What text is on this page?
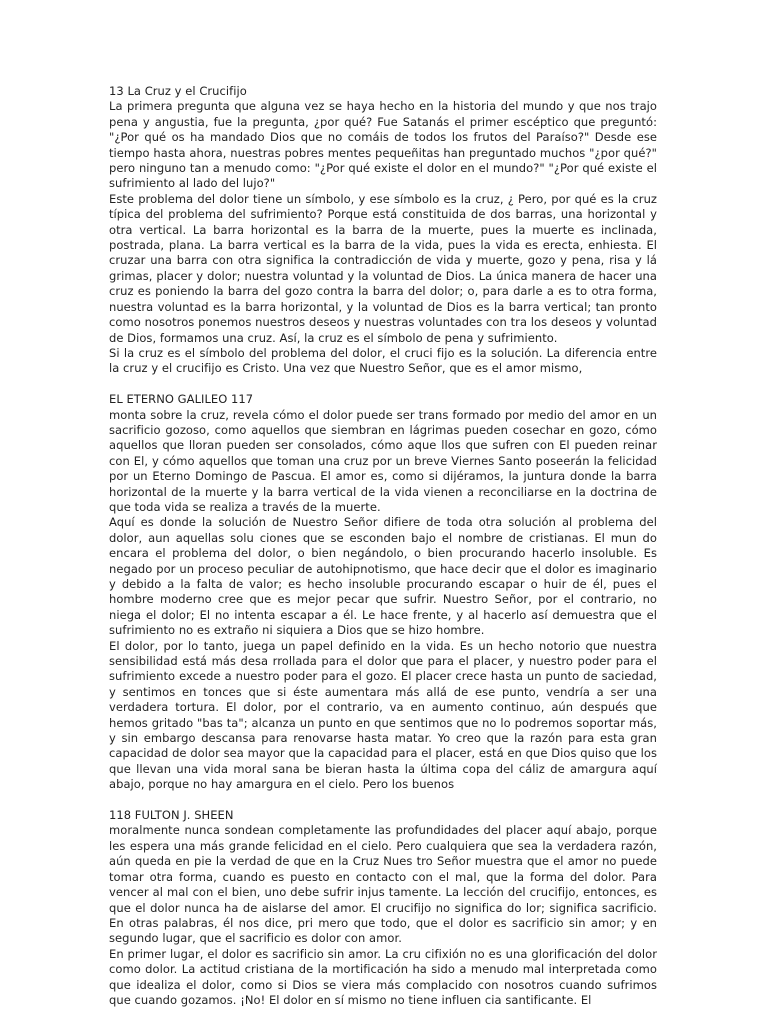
13 La Cruz y el Crucifijo

La primera pregunta que alguna vez se haya hecho en la historia del mundo y que nos trajo pena y angustia, fue la pregunta, ¿por qué? Fue Satanás el primer escéptico que preguntó: "¿Por qué os ha mandado Dios que no comáis de todos los frutos del Paraíso?" Desde ese tiempo hasta ahora, nuestras pobres mentes pequeñitas han preguntado muchos "¿por qué?" pero ninguno tan a menudo como: "¿Por qué existe el dolor en el mundo?" "¿Por qué existe el sufrimiento al lado del lujo?"

Este problema del dolor tiene un símbolo, y ese símbolo es la cruz, ¿ Pero, por qué es la cruz típica del problema del sufrimiento? Porque está constituida de dos barras, una horizontal y otra vertical. La barra horizontal es la barra de la muerte, pues la muerte es inclinada, postrada, plana. La barra vertical es la barra de la vida, pues la vida es erecta, enhiesta. El cruzar una barra con otra significa la contradicción de vida y muerte, gozo y pena, risa y lá grimas, placer y dolor; nuestra voluntad y la voluntad de Dios. La única manera de hacer una cruz es poniendo la barra del gozo contra la barra del dolor; o, para darle a es to otra forma, nuestra voluntad es la barra horizontal, y la voluntad de Dios es la barra vertical; tan pronto como nosotros ponemos nuestros deseos y nuestras voluntades con tra los deseos y voluntad de Dios, formamos una cruz. Así, la cruz es el símbolo de pena y sufrimiento.

Si la cruz es el símbolo del problema del dolor, el cruci fijo es la solución. La diferencia entre la cruz y el crucifijo es Cristo. Una vez que Nuestro Señor, que es el amor mismo,

EL ETERNO GALILEO 117

monta sobre la cruz, revela cómo el dolor puede ser trans formado por medio del amor en un sacrificio gozoso, como aquellos que siembran en lágrimas pueden cosechar en gozo, cómo aquellos que lloran pueden ser consolados, cómo aque llos que sufren con El pueden reinar con El, y cómo aquellos que toman una cruz por un breve Viernes Santo poseerán la felicidad por un Eterno Domingo de Pascua. El amor es, como si dijéramos, la juntura donde la barra horizontal de la muerte y la barra vertical de la vida vienen a reconciliarse en la doctrina de que toda vida se realiza a través de la muerte.

Aquí es donde la solución de Nuestro Señor difiere de toda otra solución al problema del dolor, aun aquellas solu ciones que se esconden bajo el nombre de cristianas. El mun do encara el problema del dolor, o bien negándolo, o bien procurando hacerlo insoluble. Es negado por un proceso peculiar de autohipnotismo, que hace decir que el dolor es imaginario y debido a la falta de valor; es hecho insoluble procurando escapar o huir de él, pues el hombre moderno cree que es mejor pecar que sufrir. Nuestro Señor, por el contrario, no niega el dolor; El no intenta escapar a él. Le hace frente, y al hacerlo así demuestra que el sufrimiento no es extraño ni siquiera a Dios que se hizo hombre.

El dolor, por lo tanto, juega un papel definido en la vida. Es un hecho notorio que nuestra sensibilidad está más desa rrollada para el dolor que para el placer, y nuestro poder para el sufrimiento excede a nuestro poder para el gozo. El placer crece hasta un punto de saciedad, y sentimos en tonces que si éste aumentara más allá de ese punto, vendría a ser una verdadera tortura. El dolor, por el contrario, va en aumento continuo, aún después que hemos gritado "bas ta"; alcanza un punto en que sentimos que no lo podremos soportar más, y sin embargo descansa para renovarse hasta matar. Yo creo que la razón para esta gran capacidad de dolor sea mayor que la capacidad para el placer, está en que Dios quiso que los que llevan una vida moral sana be bieran hasta la última copa del cáliz de amargura aquí abajo, porque no hay amargura en el cielo. Pero los buenos

118 FULTON J. SHEEN

moralmente nunca sondean completamente las profundidades del placer aquí abajo, porque les espera una más grande felicidad en el cielo. Pero cualquiera que sea la verdadera razón, aún queda en pie la verdad de que en la Cruz Nues tro Señor muestra que el amor no puede tomar otra forma, cuando es puesto en contacto con el mal, que la forma del dolor. Para vencer al mal con el bien, uno debe sufrir injus tamente. La lección del crucifijo, entonces, es que el dolor nunca ha de aislarse del amor. El crucifijo no significa do lor; significa sacrificio. En otras palabras, él nos dice, pri mero que todo, que el dolor es sacrificio sin amor; y en segundo lugar, que el sacrificio es dolor con amor.

En primer lugar, el dolor es sacrificio sin amor. La cru cifixión no es una glorificación del dolor como dolor. La actitud cristiana de la mortificación ha sido a menudo mal interpretada como que idealiza el dolor, como si Dios se viera más complacido con nosotros cuando sufrimos que cuando gozamos. ¡No! El dolor en sí mismo no tiene influen cia santificante. El
